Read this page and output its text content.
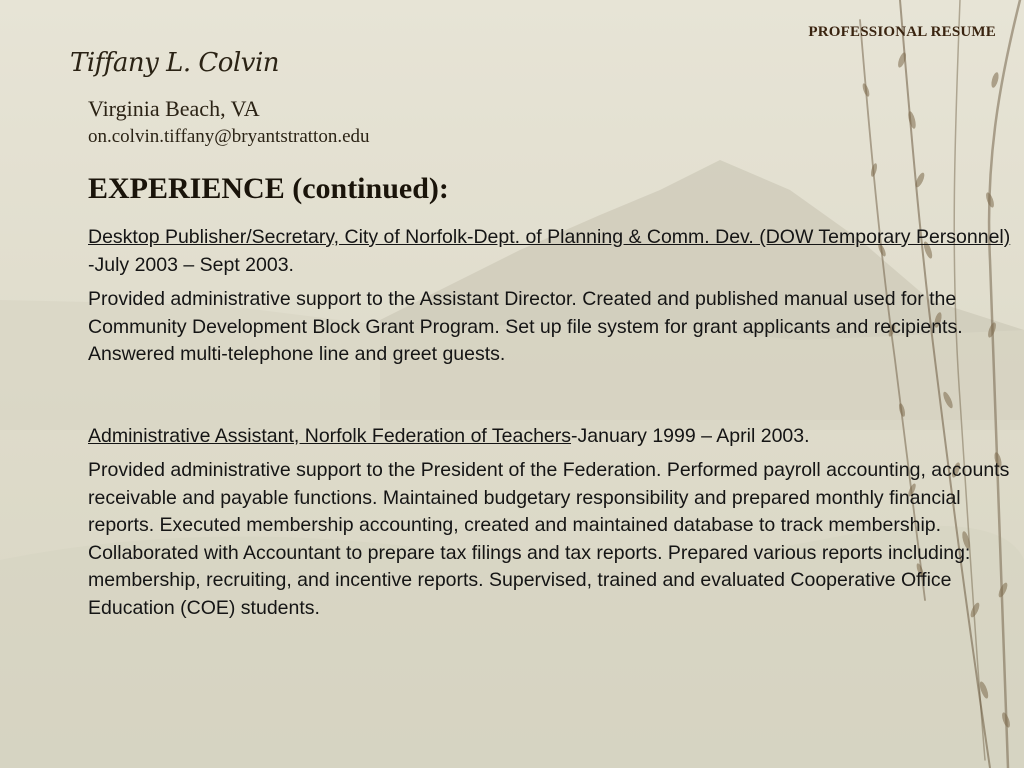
PROFESSIONAL RESUME
Tiffany L. Colvin
Virginia Beach, VA
on.colvin.tiffany@bryantstratton.edu
EXPERIENCE (continued):

Desktop Publisher/Secretary, City of Norfolk-Dept. of Planning & Comm. Dev. (DOW Temporary Personnel) -July 2003 – Sept 2003.

Provided administrative support to the Assistant Director. Created and published manual used for the Community Development Block Grant Program. Set up file system for grant applicants and recipients. Answered multi-telephone line and greet guests.

Administrative Assistant, Norfolk Federation of Teachers-January 1999 – April 2003.

Provided administrative support to the President of the Federation. Performed payroll accounting, accounts receivable and payable functions. Maintained budgetary responsibility and prepared monthly financial reports. Executed membership accounting, created and maintained database to track membership. Collaborated with Accountant to prepare tax filings and tax reports. Prepared various reports including: membership, recruiting, and incentive reports. Supervised, trained and evaluated Cooperative Office Education (COE) students.
